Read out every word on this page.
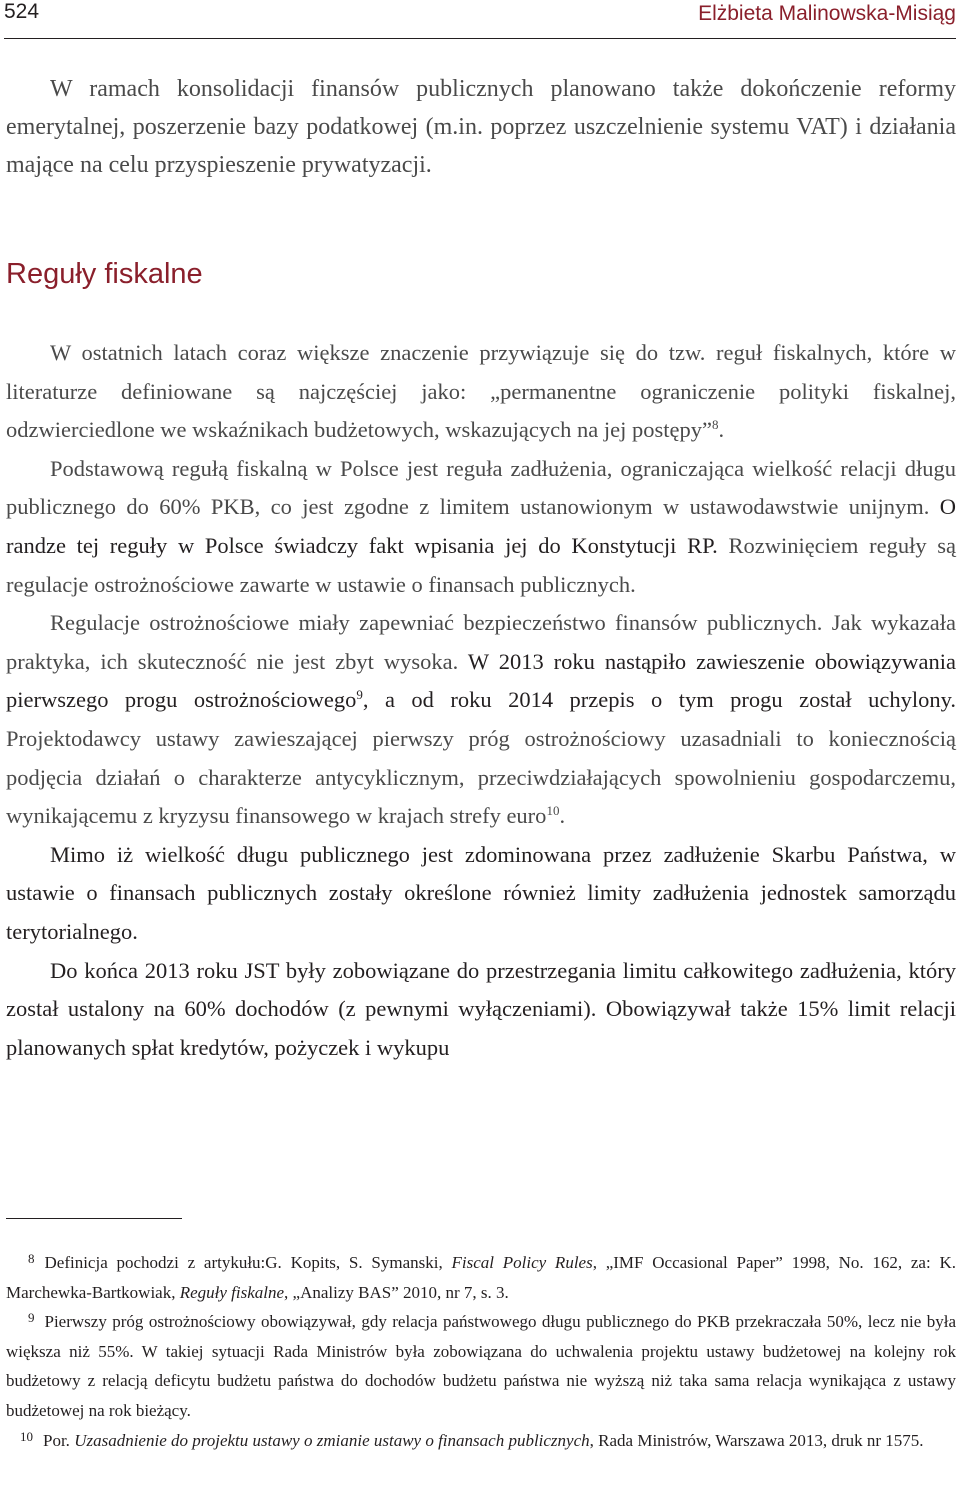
524	Elżbieta Malinowska-Misiąg

W ramach konsolidacji finansów publicznych planowano także dokończenie reformy emerytalnej, poszerzenie bazy podatkowej (m.in. poprzez uszczelnienie systemu VAT) i działania mające na celu przyspieszenie prywatyzacji.

Reguły fiskalne

W ostatnich latach coraz większe znaczenie przywiązuje się do tzw. reguł fiskalnych, które w literaturze definiowane są najczęściej jako: „permanentne ograniczenie polityki fiskalnej, odzwierciedlone we wskaźnikach budżetowych, wskazujących na jej postępy”$^8$.

Podstawową regułą fiskalną w Polsce jest reguła zadłużenia, ograniczająca wielkość relacji długu publicznego do 60% PKB, co jest zgodne z limitem ustanowionym w ustawodawstwie unijnym. O randze tej reguły w Polsce świadczy fakt wpisania jej do Konstytucji RP. Rozwinięciem reguły są regulacje ostrożnościowe zawarte w ustawie o finansach publicznych.

Regulacje ostrożnościowe miały zapewniać bezpieczeństwo finansów publicznych. Jak wykazała praktyka, ich skuteczność nie jest zbyt wysoka. W 2013 roku nastąpiło zawieszenie obowiązywania pierwszego progu ostrożnościowego$^9$, a od roku 2014 przepis o tym progu został uchylony. Projektodawcy ustawy zawieszającej pierwszy próg ostrożnościowy uzasadniali to koniecznością podjęcia działań o charakterze antycyklicznym, przeciwdziałających spowolnieniu gospodarczemu, wynikającemu z kryzysu finansowego w krajach strefy euro$^{10}$.

Mimo iż wielkość długu publicznego jest zdominowana przez zadłużenie Skarbu Państwa, w ustawie o finansach publicznych zostały określone również limity zadłużenia jednostek samorządu terytorialnego.

Do końca 2013 roku JST były zobowiązane do przestrzegania limitu całkowitego zadłużenia, który został ustalony na 60% dochodów (z pewnymi wyłączeniami). Obowiązywał także 15% limit relacji planowanych spłat kredytów, pożyczek i wykupu

8 Definicja pochodzi z artykułu:G. Kopits, S. Symanski, Fiscal Policy Rules, „IMF Occasional Paper” 1998, No. 162, za: K. Marchewka-Bartkowiak, Reguły fiskalne, „Analizy BAS” 2010, nr 7, s. 3.

9 Pierwszy próg ostrożnościowy obowiązywał, gdy relacja państwowego długu publicznego do PKB przekraczała 50%, lecz nie była większa niż 55%. W takiej sytuacji Rada Ministrów była zobowiązana do uchwalenia projektu ustawy budżetowej na kolejny rok budżetowy z relacją deficytu budżetu państwa do dochodów budżetu państwa nie wyższą niż taka sama relacja wynikająca z ustawy budżetowej na rok bieżący.

10 Por. Uzasadnienie do projektu ustawy o zmianie ustawy o finansach publicznych, Rada Ministrów, Warszawa 2013, druk nr 1575.
